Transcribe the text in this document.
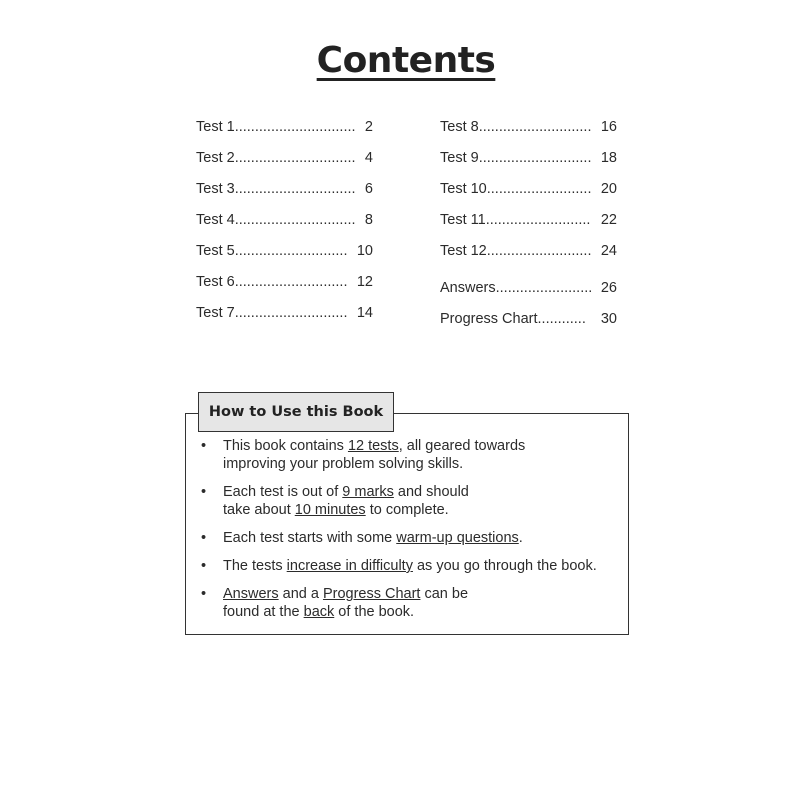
Contents
Test 1 .............................. 2
Test 2 .............................. 4
Test 3 .............................. 6
Test 4 .............................. 8
Test 5 ............................ 10
Test 6 ............................ 12
Test 7 ............................ 14
Test 8 ............................ 16
Test 9 ............................ 18
Test 10 .......................... 20
Test 11 .......................... 22
Test 12 .......................... 24
Answers ........................ 26
Progress Chart ............	30
How to Use this Book
•	This book contains 12 tests, all geared towards
improving your problem solving skills.
•	Each test is out of 9 marks and should
take about 10 minutes to complete.
•	Each test starts with some warm-up questions.
•	The tests increase in difficulty as you go through the book.
•	Answers and a Progress Chart can be
found at the back of the book.
